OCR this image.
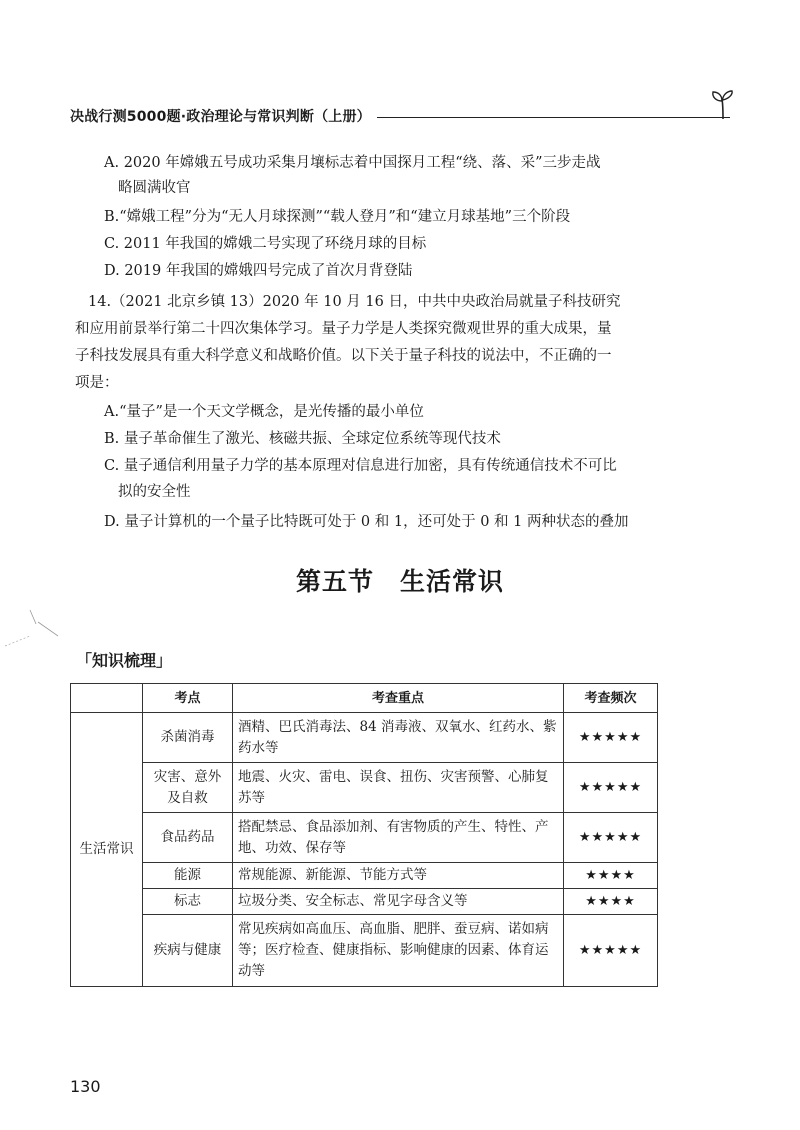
决战行测5000题·政治理论与常识判断（上册）
A. 2020 年嫦娥五号成功采集月壤标志着中国探月工程“绕、落、采”三步走战
略圆满收官
B.“嫦娥工程”分为“无人月球探测”“载人登月”和“建立月球基地”三个阶段
C. 2011 年我国的嫦娥二号实现了环绕月球的目标
D. 2019 年我国的嫦娥四号完成了首次月背登陆
14.（2021 北京乡镇 13）2020 年 10 月 16 日，中共中央政治局就量子科技研究
和应用前景举行第二十四次集体学习。量子力学是人类探究微观世界的重大成果，量
子科技发展具有重大科学意义和战略价值。以下关于量子科技的说法中，不正确的一
项是：
A.“量子”是一个天文学概念，是光传播的最小单位
B. 量子革命催生了激光、核磁共振、全球定位系统等现代技术
C. 量子通信利用量子力学的基本原理对信息进行加密，具有传统通信技术不可比
拟的安全性
D. 量子计算机的一个量子比特既可处于 0 和 1，还可处于 0 和 1 两种状态的叠加
第五节　生活常识
「知识梳理」
	考点	考查重点	考查频次
生活常识	杀菌消毒	酒精、巴氏消毒法、84 消毒液、双氧水、红药水、紫药水等	★★★★★
	灾害、意外及自救	地震、火灾、雷电、误食、扭伤、灾害预警、心肺复苏等	★★★★★
	食品药品	搭配禁忌、食品添加剂、有害物质的产生、特性、产地、功效、保存等	★★★★★
	能源	常规能源、新能源、节能方式等	★★★★
	标志	垃圾分类、安全标志、常见字母含义等	★★★★
	疾病与健康	常见疾病如高血压、高血脂、肥胖、蚕豆病、诺如病等；医疗检查、健康指标、影响健康的因素、体育运动等	★★★★★
130
